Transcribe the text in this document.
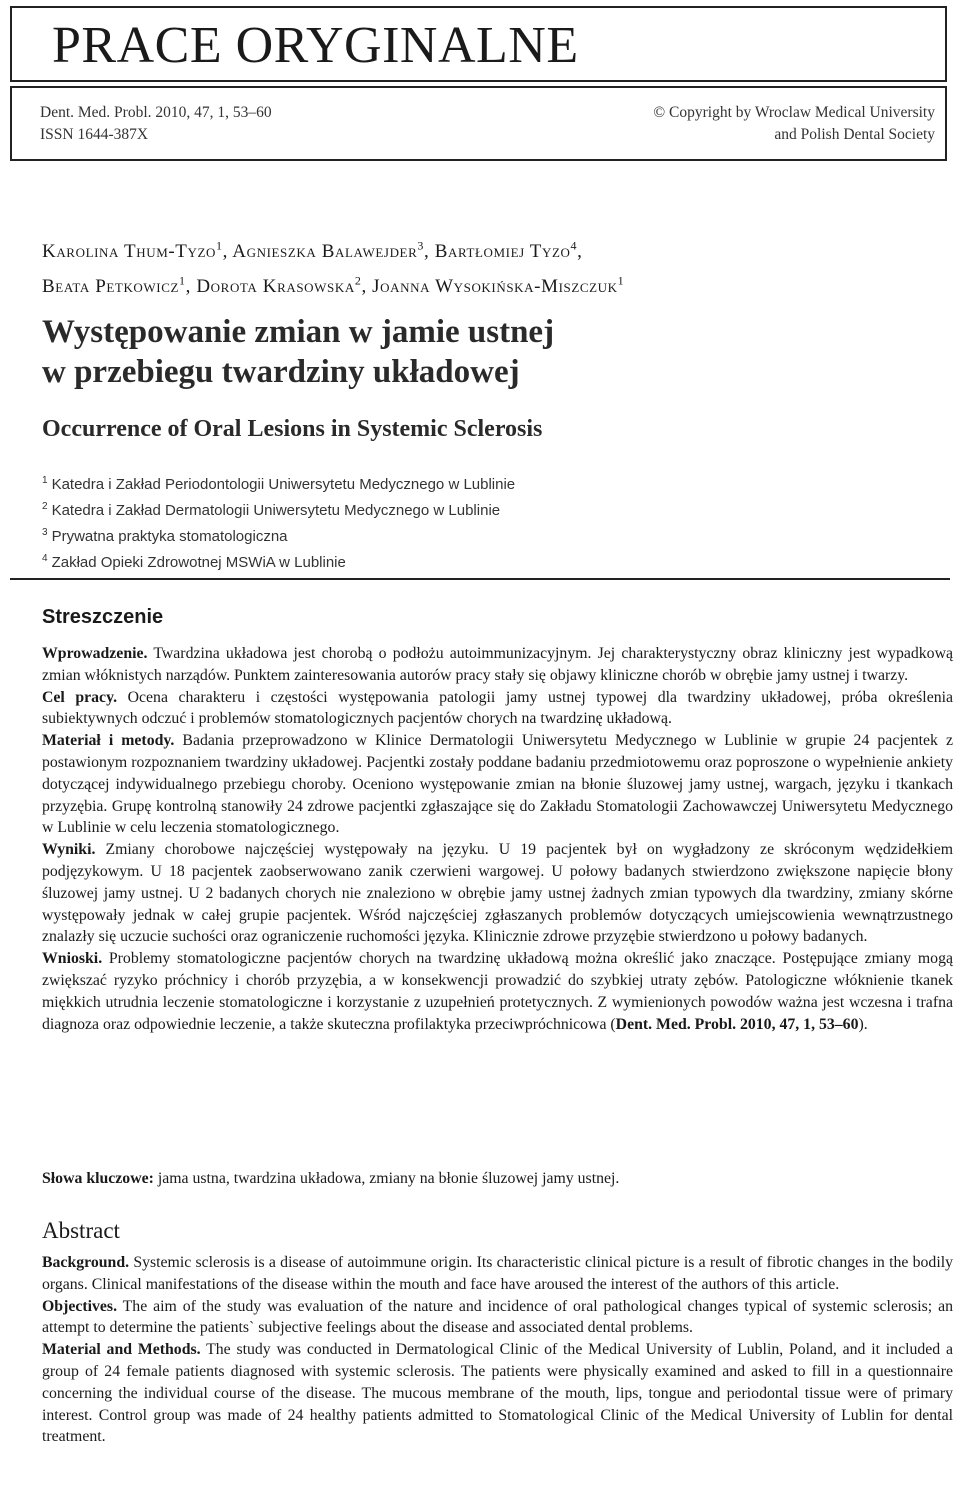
PRACE ORYGINALNE
Dent. Med. Probl. 2010, 47, 1, 53–60
ISSN 1644-387X
© Copyright by Wroclaw Medical University
and Polish Dental Society
Karolina Thum-Tyzo$^1$, Agnieszka Balawejder$^3$, Bartłomiej Tyzo$^4$,
Beata Petkowicz$^1$, Dorota Krasowska$^2$, Joanna Wysokińska-Miszczuk$^1$
Występowanie zmian w jamie ustnej
w przebiegu twardziny układowej
Occurrence of Oral Lesions in Systemic Sclerosis
$^1$ Katedra i Zakład Periodontologii Uniwersytetu Medycznego w Lublinie
$^2$ Katedra i Zakład Dermatologii Uniwersytetu Medycznego w Lublinie
$^3$ Prywatna praktyka stomatologiczna
$^4$ Zakład Opieki Zdrowotnej MSWiA w Lublinie
Streszczenie

Wprowadzenie. Twardzina układowa jest chorobą o podłożu autoimmunizacyjnym. Jej charakterystyczny obraz kliniczny jest wypadkową zmian włóknistych narządów. Punktem zainteresowania autorów pracy stały się objawy kliniczne chorób w obrębie jamy ustnej i twarzy.

Cel pracy. Ocena charakteru i częstości występowania patologii jamy ustnej typowej dla twardziny układowej, próba określenia subiektywnych odczuć i problemów stomatologicznych pacjentów chorych na twardzinę układową.

Materiał i metody. Badania przeprowadzono w Klinice Dermatologii Uniwersytetu Medycznego w Lublinie w grupie 24 pacjentek z postawionym rozpoznaniem twardziny układowej. Pacjentki zostały poddane badaniu przedmiotowemu oraz poproszone o wypełnienie ankiety dotyczącej indywidualnego przebiegu choroby. Oceniono występowanie zmian na błonie śluzowej jamy ustnej, wargach, języku i tkankach przyzębia. Grupę kontrolną stanowiły 24 zdrowe pacjentki zgłaszające się do Zakładu Stomatologii Zachowawczej Uniwersytetu Medycznego w Lublinie w celu leczenia stomatologicznego.

Wyniki. Zmiany chorobowe najczęściej występowały na języku. U 19 pacjentek był on wygładzony ze skróconym wędzidełkiem podjęzykowym. U 18 pacjentek zaobserwowano zanik czerwieni wargowej. U połowy badanych stwierdzono zwiększone napięcie błony śluzowej jamy ustnej. U 2 badanych chorych nie znaleziono w obrębie jamy ustnej żadnych zmian typowych dla twardziny, zmiany skórne występowały jednak w całej grupie pacjentek. Wśród najczęściej zgłaszanych problemów dotyczących umiejscowienia wewnątrzustnego znalazły się uczucie suchości oraz ograniczenie ruchomości języka. Klinicznie zdrowe przyzębie stwierdzono u połowy badanych.

Wnioski. Problemy stomatologiczne pacjentów chorych na twardzinę układową można określić jako znaczące. Postępujące zmiany mogą zwiększać ryzyko próchnicy i chorób przyzębia, a w konsekwencji prowadzić do szybkiej utraty zębów. Patologiczne włóknienie tkanek miękkich utrudnia leczenie stomatologiczne i korzystanie z uzupełnień protetycznych. Z wymienionych powodów ważna jest wczesna i trafna diagnoza oraz odpowiednie leczenie, a także skuteczna profilaktyka przeciwpróchnicowa (Dent. Med. Probl. 2010, 47, 1, 53–60).

Słowa kluczowe: jama ustna, twardzina układowa, zmiany na błonie śluzowej jamy ustnej.
Abstract

Background. Systemic sclerosis is a disease of autoimmune origin. Its characteristic clinical picture is a result of fibrotic changes in the bodily organs. Clinical manifestations of the disease within the mouth and face have aroused the interest of the authors of this article.

Objectives. The aim of the study was evaluation of the nature and incidence of oral pathological changes typical of systemic sclerosis; an attempt to determine the patients` subjective feelings about the disease and associated dental problems.

Material and Methods. The study was conducted in Dermatological Clinic of the Medical University of Lublin, Poland, and it included a group of 24 female patients diagnosed with systemic sclerosis. The patients were physically examined and asked to fill in a questionnaire concerning the individual course of the disease. The mucous membrane of the mouth, lips, tongue and periodontal tissue were of primary interest. Control group was made of 24 healthy patients admitted to Stomatological Clinic of the Medical University of Lublin for dental treatment.
